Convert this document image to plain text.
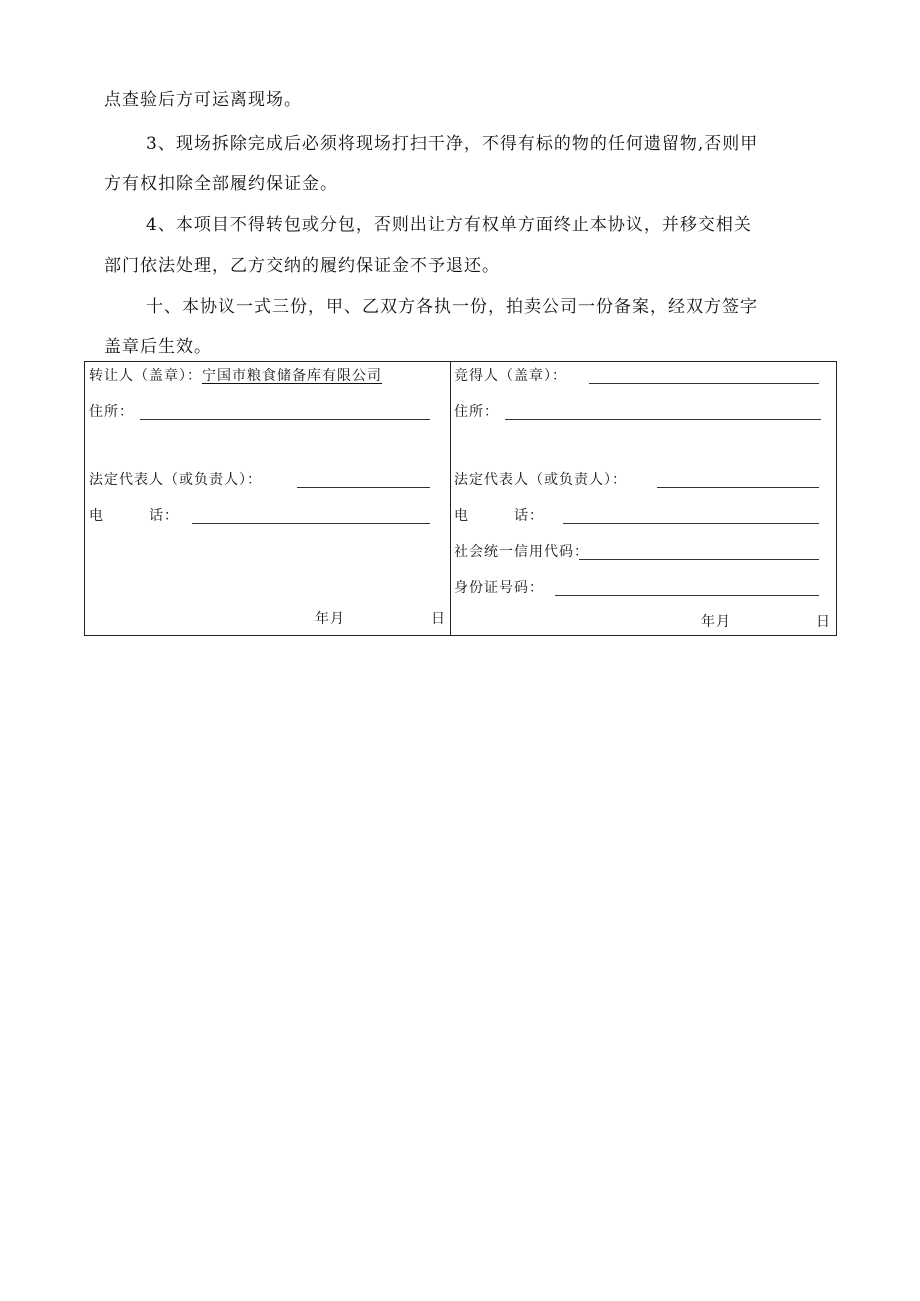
点查验后方可运离现场。
3、现场拆除完成后必须将现场打扫干净，不得有标的物的任何遗留物,否则甲
方有权扣除全部履约保证金。
4、本项目不得转包或分包，否则出让方有权单方面终止本协议，并移交相关
部门依法处理，乙方交纳的履约保证金不予退还。
十、本协议一式三份，甲、乙双方各执一份，拍卖公司一份备案，经双方签字
盖章后生效。
转让人（盖章）：宁国市粮食储备库有限公司
住所：
法定代表人（或负责人）：
电　　　话：
年月	日
竞得人（盖章）：
住所：
法定代表人（或负责人）：
电　　　话：
社会统一信用代码：
身份证号码：
年月	日
